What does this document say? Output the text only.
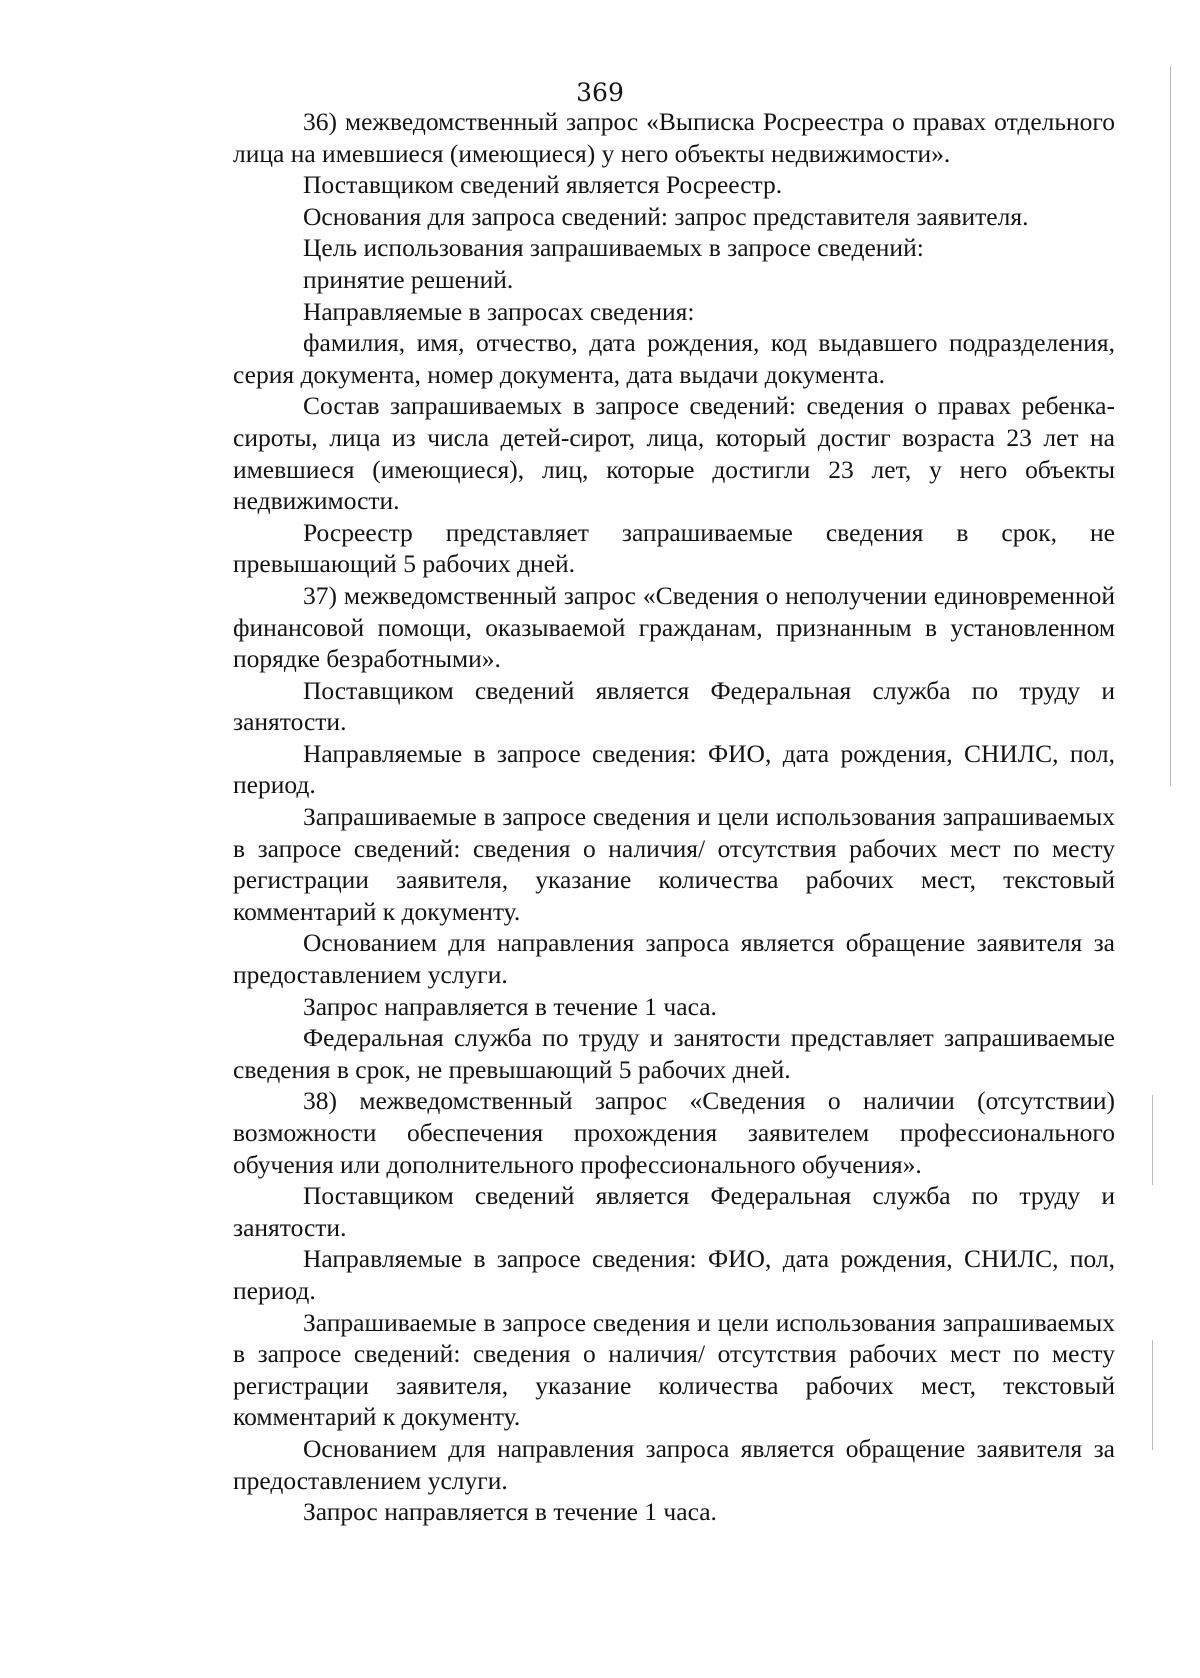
369

36) межведомственный запрос «Выписка Росреестра о правах отдельного лица на имевшиеся (имеющиеся) у него объекты недвижимости».

Поставщиком сведений является Росреестр.

Основания для запроса сведений: запрос представителя заявителя.

Цель использования запрашиваемых в запросе сведений:

принятие решений.

Направляемые в запросах сведения:

фамилия, имя, отчество, дата рождения, код выдавшего подразделения, серия документа, номер документа, дата выдачи документа.

Состав запрашиваемых в запросе сведений: сведения о правах ребенка-сироты, лица из числа детей-сирот, лица, который достиг возраста 23 лет на имевшиеся (имеющиеся), лиц, которые достигли 23 лет, у него объекты недвижимости.

Росреестр представляет запрашиваемые сведения в срок, не превышающий 5 рабочих дней.

37) межведомственный запрос «Сведения о неполучении единовременной финансовой помощи, оказываемой гражданам, признанным в установленном порядке безработными».

Поставщиком сведений является Федеральная служба по труду и занятости.

Направляемые в запросе сведения: ФИО, дата рождения, СНИЛС, пол, период.

Запрашиваемые в запросе сведения и цели использования запрашиваемых в запросе сведений: сведения о наличия/ отсутствия рабочих мест по месту регистрации заявителя, указание количества рабочих мест, текстовый комментарий к документу.

Основанием для направления запроса является обращение заявителя за предоставлением услуги.

Запрос направляется в течение 1 часа.

Федеральная служба по труду и занятости представляет запрашиваемые сведения в срок, не превышающий 5 рабочих дней.

38) межведомственный запрос «Сведения о наличии (отсутствии) возможности обеспечения прохождения заявителем профессионального обучения или дополнительного профессионального обучения».

Поставщиком сведений является Федеральная служба по труду и занятости.

Направляемые в запросе сведения: ФИО, дата рождения, СНИЛС, пол, период.

Запрашиваемые в запросе сведения и цели использования запрашиваемых в запросе сведений: сведения о наличия/ отсутствия рабочих мест по месту регистрации заявителя, указание количества рабочих мест, текстовый комментарий к документу.

Основанием для направления запроса является обращение заявителя за предоставлением услуги.

Запрос направляется в течение 1 часа.
